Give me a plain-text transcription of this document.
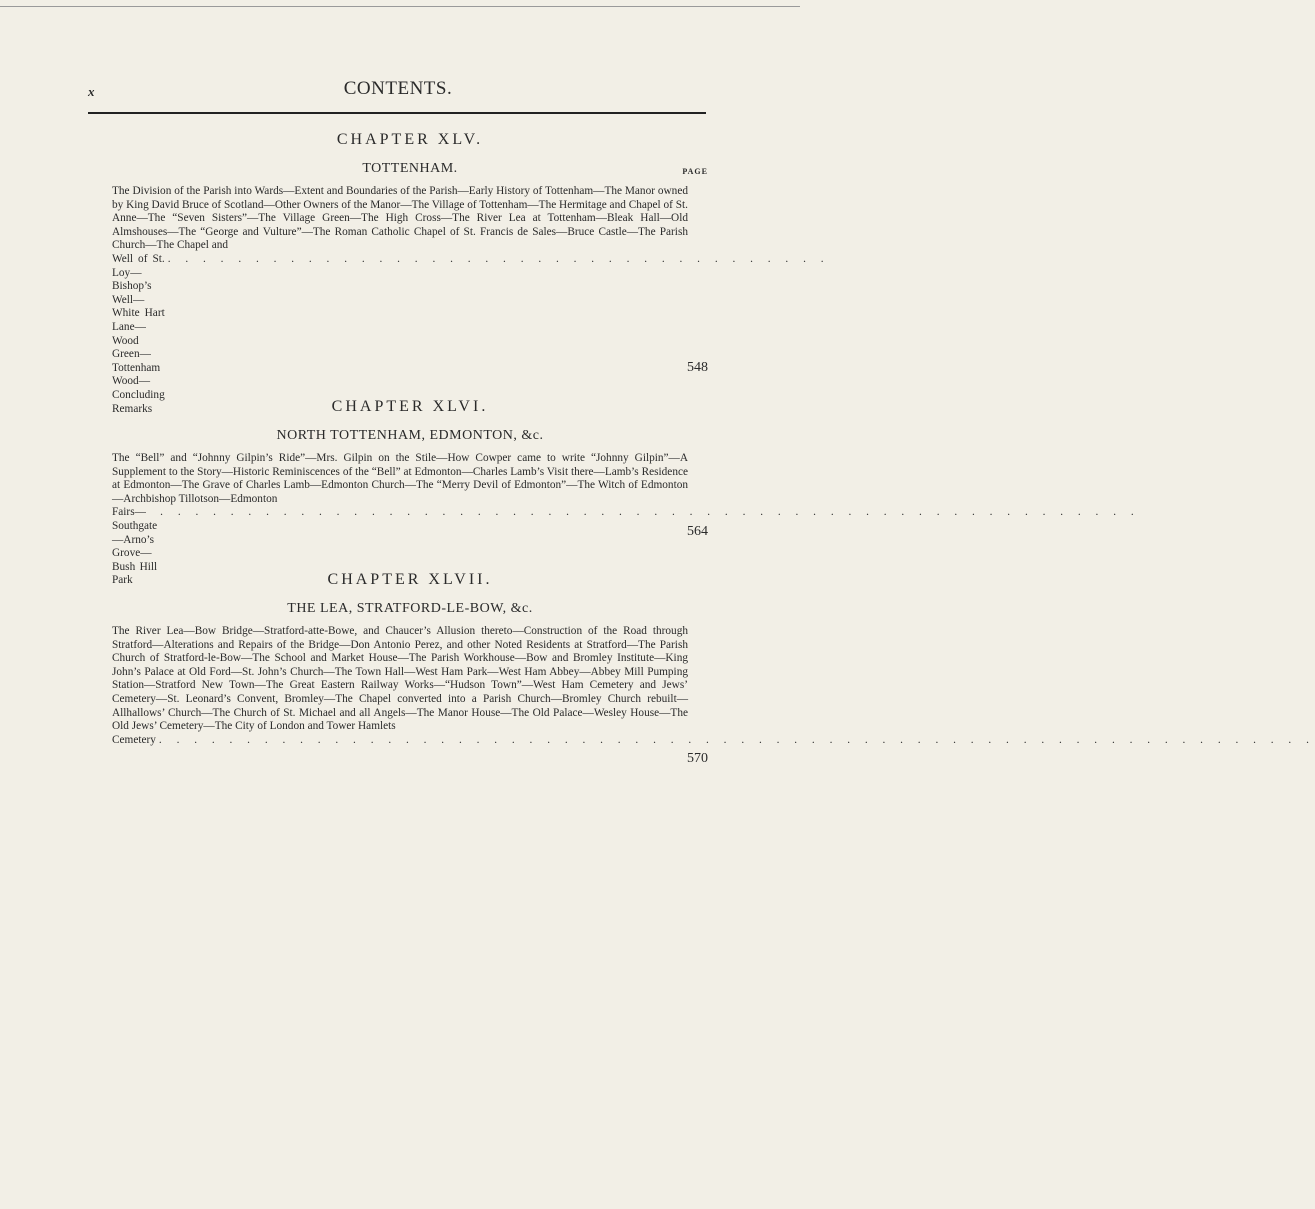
x	CONTENTS.
CHAPTER XLV.
TOTTENHAM.	PAGE
The Division of the Parish into Wards—Extent and Boundaries of the Parish—Early History of Tottenham—The Manor owned by King David Bruce of Scotland—Other Owners of the Manor—The Village of Tottenham—The Hermitage and Chapel of St. Anne—The “Seven Sisters”—The Village Green—The High Cross—The River Lea at Tottenham—Bleak Hall—Old Almshouses—The “George and Vulture”—The Roman Catholic Chapel of St. Francis de Sales—Bruce Castle—The Parish Church—The Chapel and
Well of St. Loy—Bishop’s Well—White Hart Lane—Wood Green—Tottenham Wood—Concluding Remarks
. . . . . . . . . . . . . . . . . . . . . . . . . . . . . . . . . . . . . .
548
CHAPTER XLVI.
NORTH TOTTENHAM, EDMONTON, &c.
The “Bell” and “Johnny Gilpin’s Ride”—Mrs. Gilpin on the Stile—How Cowper came to write “Johnny Gilpin”—A Supplement to the Story—Historic Reminiscences of the “Bell” at Edmonton—Charles Lamb’s Visit there—Lamb’s Residence at Edmonton—The Grave of Charles Lamb—Edmonton Church—The “Merry Devil of Edmonton”—The Witch of Edmonton—Archbishop Tillotson—Edmonton
Fairs—Southgate—Arno’s Grove—Bush Hill Park
. . . . . . . . . . . . . . . . . . . . . . . . . . . . . . . . . . . . . . . . . . . . . . . . . . . . . . . .
564
CHAPTER XLVII.
THE LEA, STRATFORD-LE-BOW, &c.
The River Lea—Bow Bridge—Stratford-atte-Bowe, and Chaucer’s Allusion thereto—Construction of the Road through Stratford—Alterations and Repairs of the Bridge—Don Antonio Perez, and other Noted Residents at Stratford—The Parish Church of Stratford-le-Bow—The School and Market House—The Parish Workhouse—Bow and Bromley Institute—King John’s Palace at Old Ford—St. John’s Church—The Town Hall—West Ham Park—West Ham Abbey—Abbey Mill Pumping Station—Stratford New Town—The Great Eastern Railway Works—“Hudson Town”—West Ham Cemetery and Jews’ Cemetery—St. Leonard’s Convent, Bromley—The Chapel converted into a Parish Church—Bromley Church rebuilt—Allhallows’ Church—The Church of St. Michael and all Angels—The Manor House—The Old Palace—Wesley House—The Old Jews’ Cemetery—The City of London and Tower Hamlets
Cemetery . . . . . . . . . . . . . . . . . . . . . . . . . . . . . . . . . . . . . . . . . . . . . . . . . . . . . . . . . . . . . . . . . .
570
